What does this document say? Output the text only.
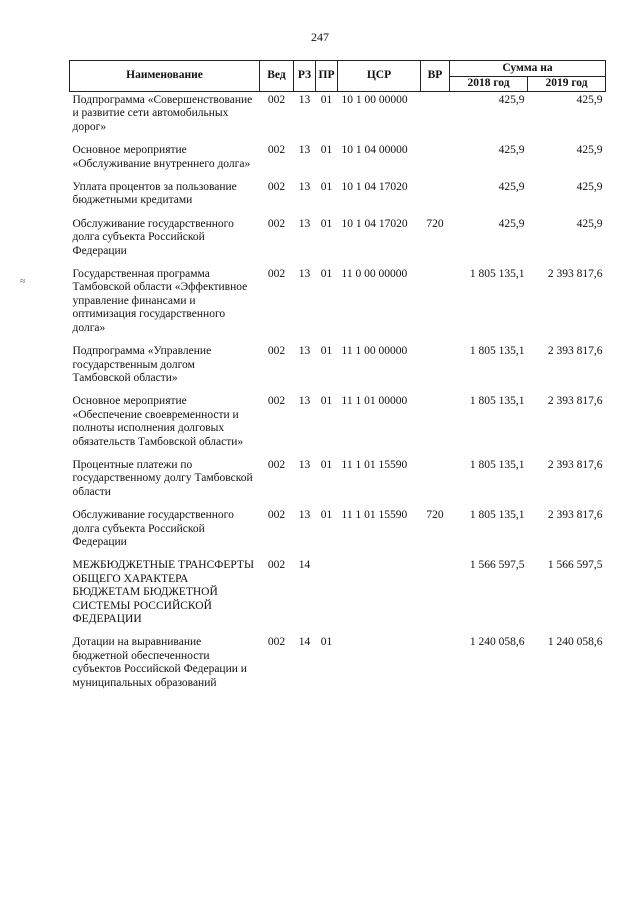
247
≈
Наименование	Вед	РЗ	ПР	ЦСР	ВР	Сумма на	
						2018 год	2019 год
Подпрограмма «Совершенствование и развитие сети автомобильных дорог»	002	13	01	10 1 00 00000		425,9	425,9
Основное мероприятие «Обслуживание внутреннего долга»	002	13	01	10 1 04 00000		425,9	425,9
Уплата процентов за пользование бюджетными кредитами	002	13	01	10 1 04 17020		425,9	425,9
Обслуживание государственного долга субъекта Российской Федерации	002	13	01	10 1 04 17020	720	425,9	425,9
Государственная программа Тамбовской области «Эффективное управление финансами и оптимизация государственного долга»	002	13	01	11 0 00 00000		1 805 135,1	2 393 817,6
Подпрограмма «Управление государственным долгом Тамбовской области»	002	13	01	11 1 00 00000		1 805 135,1	2 393 817,6
Основное мероприятие «Обеспечение своевременности и полноты исполнения долговых обязательств Тамбовской области»	002	13	01	11 1 01 00000		1 805 135,1	2 393 817,6
Процентные платежи по государственному долгу Тамбовской области	002	13	01	11 1 01 15590		1 805 135,1	2 393 817,6
Обслуживание государственного долга субъекта Российской Федерации	002	13	01	11 1 01 15590	720	1 805 135,1	2 393 817,6
МЕЖБЮДЖЕТНЫЕ ТРАНСФЕРТЫ ОБЩЕГО ХАРАКТЕРА БЮДЖЕТАМ БЮДЖЕТНОЙ СИСТЕМЫ РОССИЙСКОЙ ФЕДЕРАЦИИ	002	14				1 566 597,5	1 566 597,5
Дотации на выравнивание бюджетной обеспеченности субъектов Российской Федерации и муниципальных образований	002	14	01			1 240 058,6	1 240 058,6
